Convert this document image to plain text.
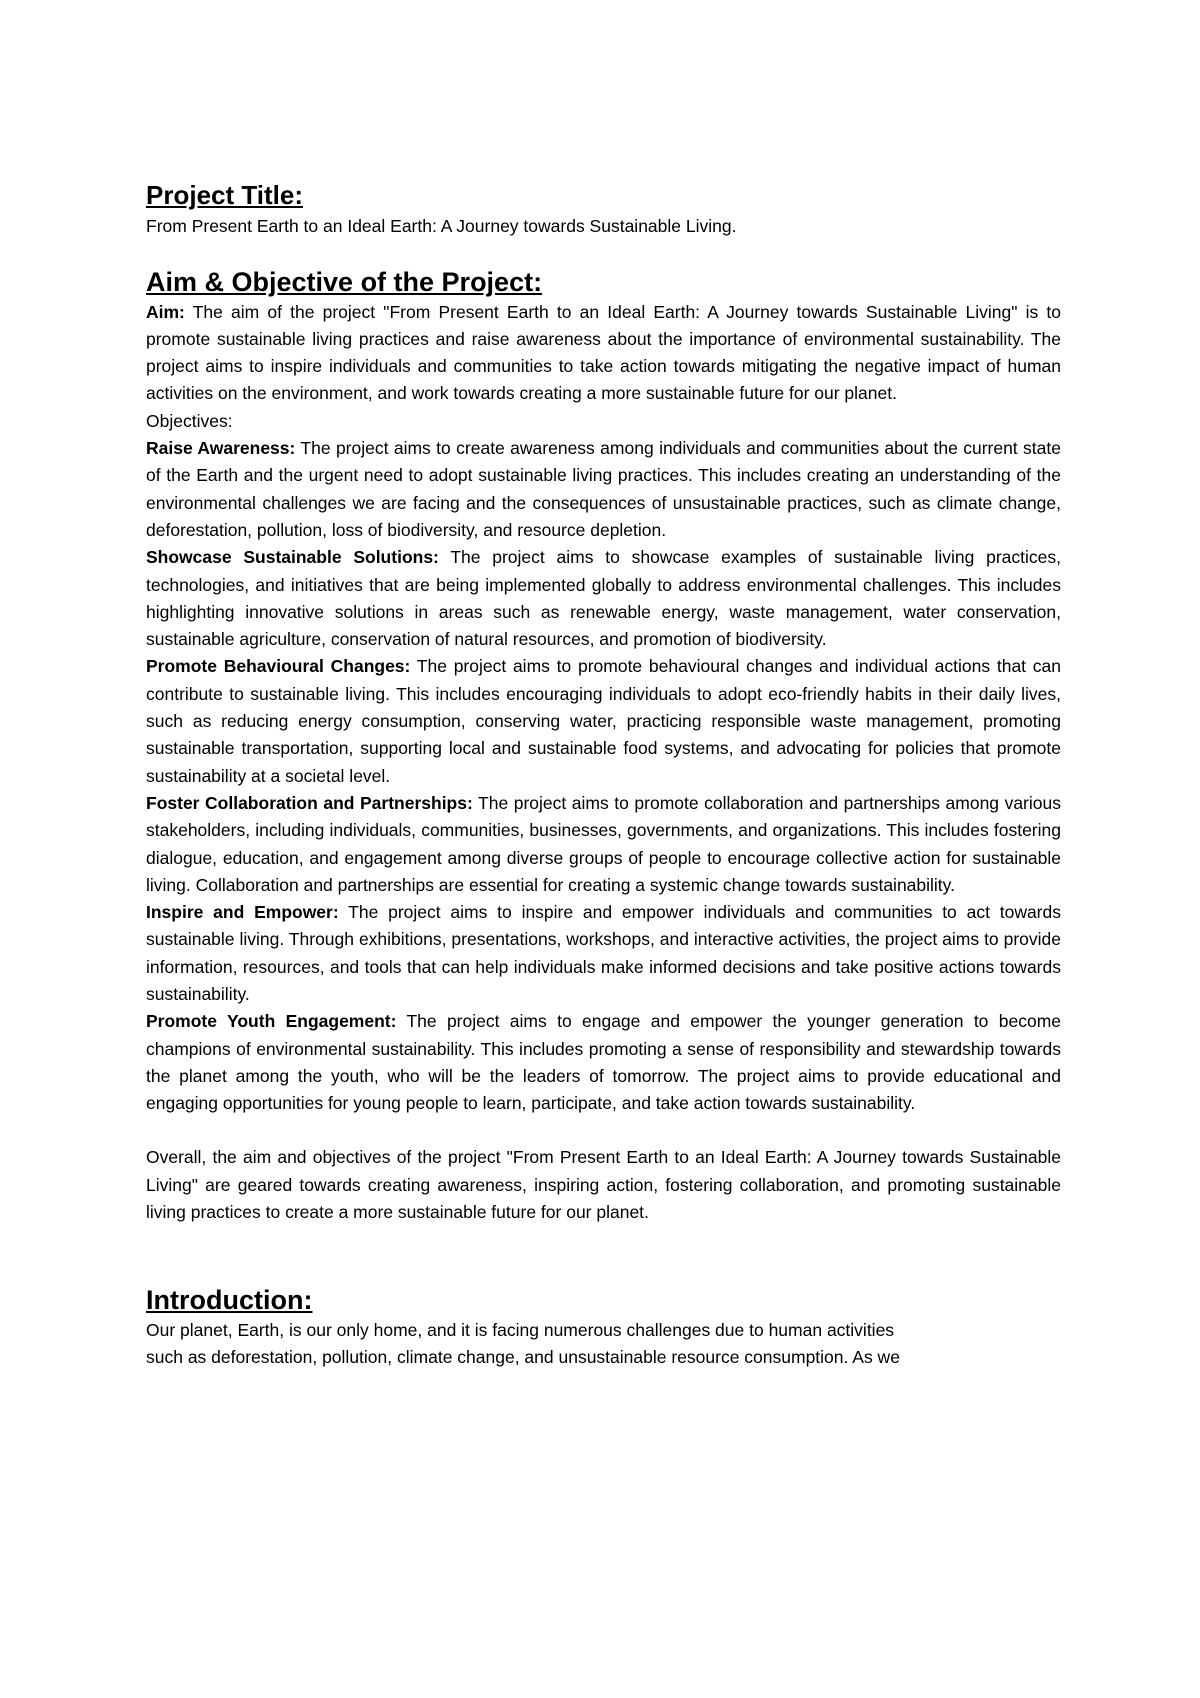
Project Title:

From Present Earth to an Ideal Earth: A Journey towards Sustainable Living.

Aim & Objective of the Project:

Aim: The aim of the project "From Present Earth to an Ideal Earth: A Journey towards Sustainable Living" is to promote sustainable living practices and raise awareness about the importance of environmental sustainability. The project aims to inspire individuals and communities to take action towards mitigating the negative impact of human activities on the environment, and work towards creating a more sustainable future for our planet.

Objectives:

Raise Awareness: The project aims to create awareness among individuals and communities about the current state of the Earth and the urgent need to adopt sustainable living practices. This includes creating an understanding of the environmental challenges we are facing and the consequences of unsustainable practices, such as climate change, deforestation, pollution, loss of biodiversity, and resource depletion.

Showcase Sustainable Solutions: The project aims to showcase examples of sustainable living practices, technologies, and initiatives that are being implemented globally to address environmental challenges. This includes highlighting innovative solutions in areas such as renewable energy, waste management, water conservation, sustainable agriculture, conservation of natural resources, and promotion of biodiversity.

Promote Behavioural Changes: The project aims to promote behavioural changes and individual actions that can contribute to sustainable living. This includes encouraging individuals to adopt eco-friendly habits in their daily lives, such as reducing energy consumption, conserving water, practicing responsible waste management, promoting sustainable transportation, supporting local and sustainable food systems, and advocating for policies that promote sustainability at a societal level.

Foster Collaboration and Partnerships: The project aims to promote collaboration and partnerships among various stakeholders, including individuals, communities, businesses, governments, and organizations. This includes fostering dialogue, education, and engagement among diverse groups of people to encourage collective action for sustainable living. Collaboration and partnerships are essential for creating a systemic change towards sustainability.

Inspire and Empower: The project aims to inspire and empower individuals and communities to act towards sustainable living. Through exhibitions, presentations, workshops, and interactive activities, the project aims to provide information, resources, and tools that can help individuals make informed decisions and take positive actions towards sustainability.

Promote Youth Engagement: The project aims to engage and empower the younger generation to become champions of environmental sustainability. This includes promoting a sense of responsibility and stewardship towards the planet among the youth, who will be the leaders of tomorrow. The project aims to provide educational and engaging opportunities for young people to learn, participate, and take action towards sustainability.

Overall, the aim and objectives of the project "From Present Earth to an Ideal Earth: A Journey towards Sustainable Living" are geared towards creating awareness, inspiring action, fostering collaboration, and promoting sustainable living practices to create a more sustainable future for our planet.

Introduction:

Our planet, Earth, is our only home, and it is facing numerous challenges due to human activities

such as deforestation, pollution, climate change, and unsustainable resource consumption. As we
